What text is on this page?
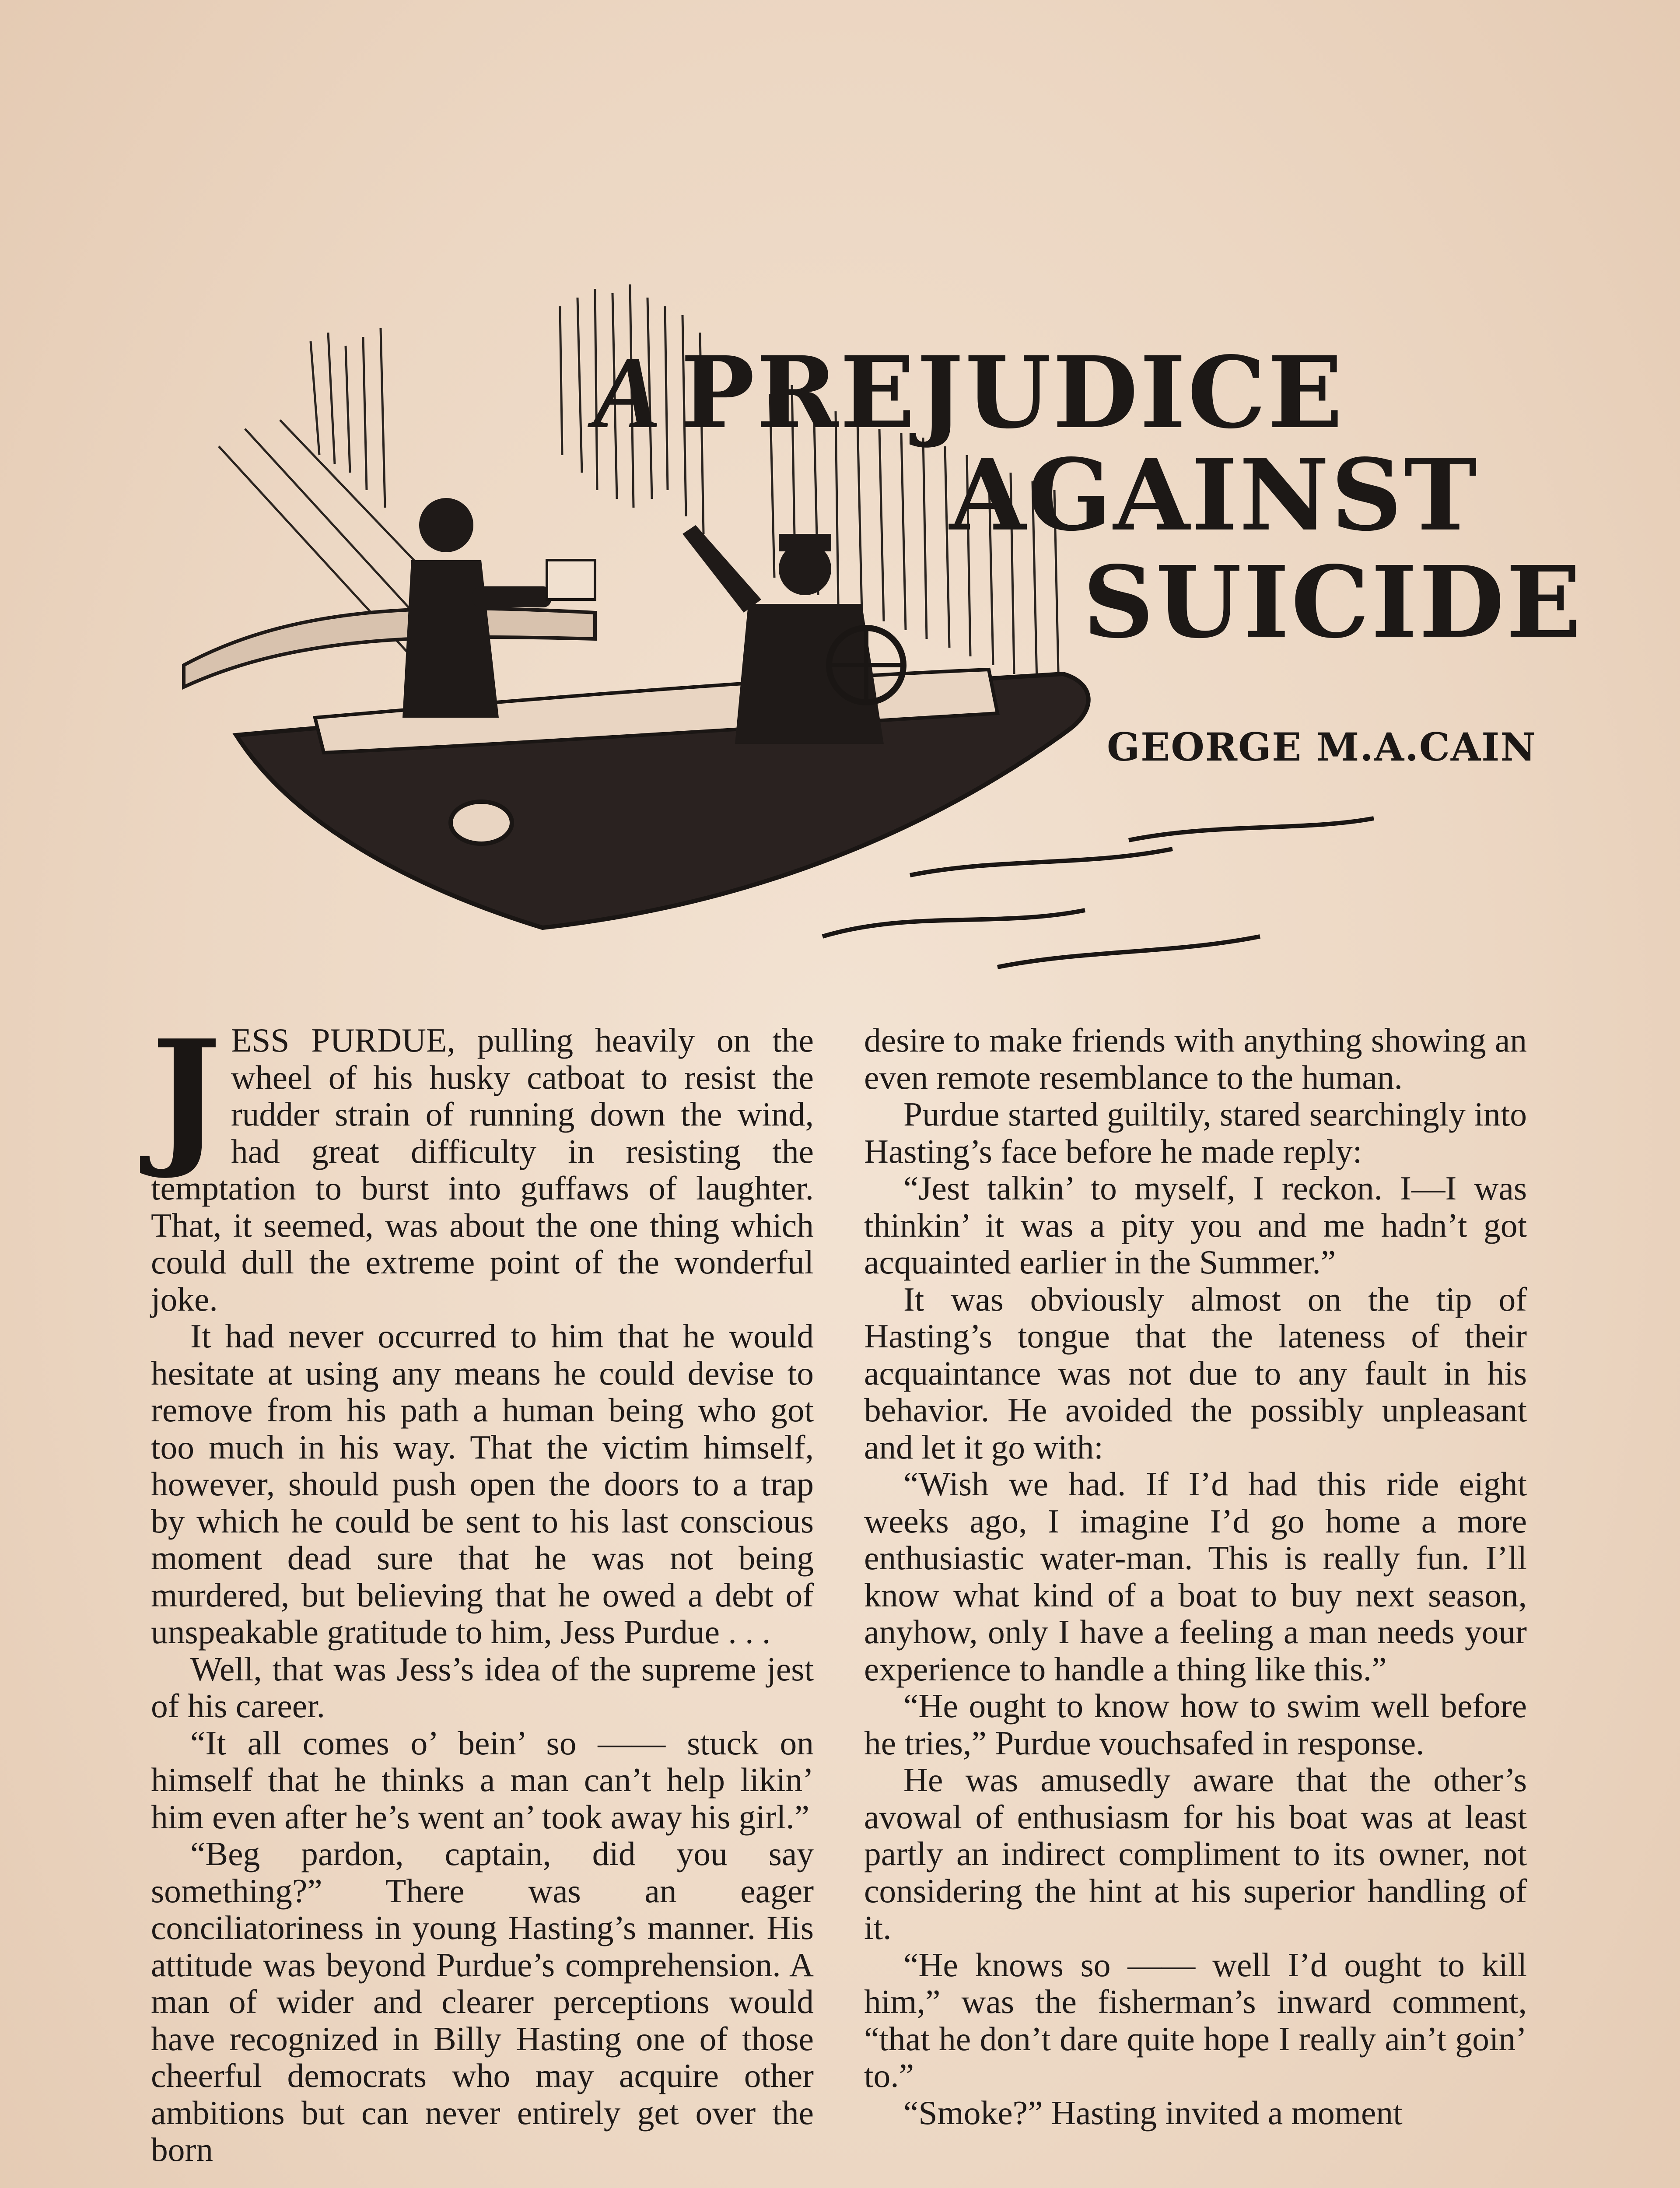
A PREJUDICE
AGAINST
SUICIDE
GEORGE M.A.CAIN

JESS PURDUE, pulling heavily on the wheel of his husky catboat to resist the rudder strain of running down the wind, had great difficulty in resisting the temptation to burst into guffaws of laughter. That, it seemed, was about the one thing which could dull the extreme point of the wonderful joke.

It had never occurred to him that he would hesitate at using any means he could devise to remove from his path a human being who got too much in his way. That the victim himself, however, should push open the doors to a trap by which he could be sent to his last conscious moment dead sure that he was not being murdered, but believing that he owed a debt of unspeakable gratitude to him, Jess Purdue . . .

Well, that was Jess’s idea of the supreme jest of his career.

“It all comes o’ bein’ so —— stuck on himself that he thinks a man can’t help likin’ him even after he’s went an’ took away his girl.”

“Beg pardon, captain, did you say something?” There was an eager conciliatoriness in young Hasting’s manner. His attitude was beyond Purdue’s comprehension. A man of wider and clearer perceptions would have recognized in Billy Hasting one of those cheerful democrats who may acquire other ambitions but can never entirely get over the born

desire to make friends with anything showing an even remote resemblance to the human.

Purdue started guiltily, stared searchingly into Hasting’s face before he made reply:

“Jest talkin’ to myself, I reckon. I—I was thinkin’ it was a pity you and me hadn’t got acquainted earlier in the Summer.”

It was obviously almost on the tip of Hasting’s tongue that the lateness of their acquaintance was not due to any fault in his behavior. He avoided the possibly unpleasant and let it go with:

“Wish we had. If I’d had this ride eight weeks ago, I imagine I’d go home a more enthusiastic water-man. This is really fun. I’ll know what kind of a boat to buy next season, anyhow, only I have a feeling a man needs your experience to handle a thing like this.”

“He ought to know how to swim well before he tries,” Purdue vouchsafed in response.

He was amusedly aware that the other’s avowal of enthusiasm for his boat was at least partly an indirect compliment to its owner, not considering the hint at his superior handling of it.

“He knows so —— well I’d ought to kill him,” was the fisherman’s inward comment, “that he don’t dare quite hope I really ain’t goin’ to.”

“Smoke?” Hasting invited a moment
